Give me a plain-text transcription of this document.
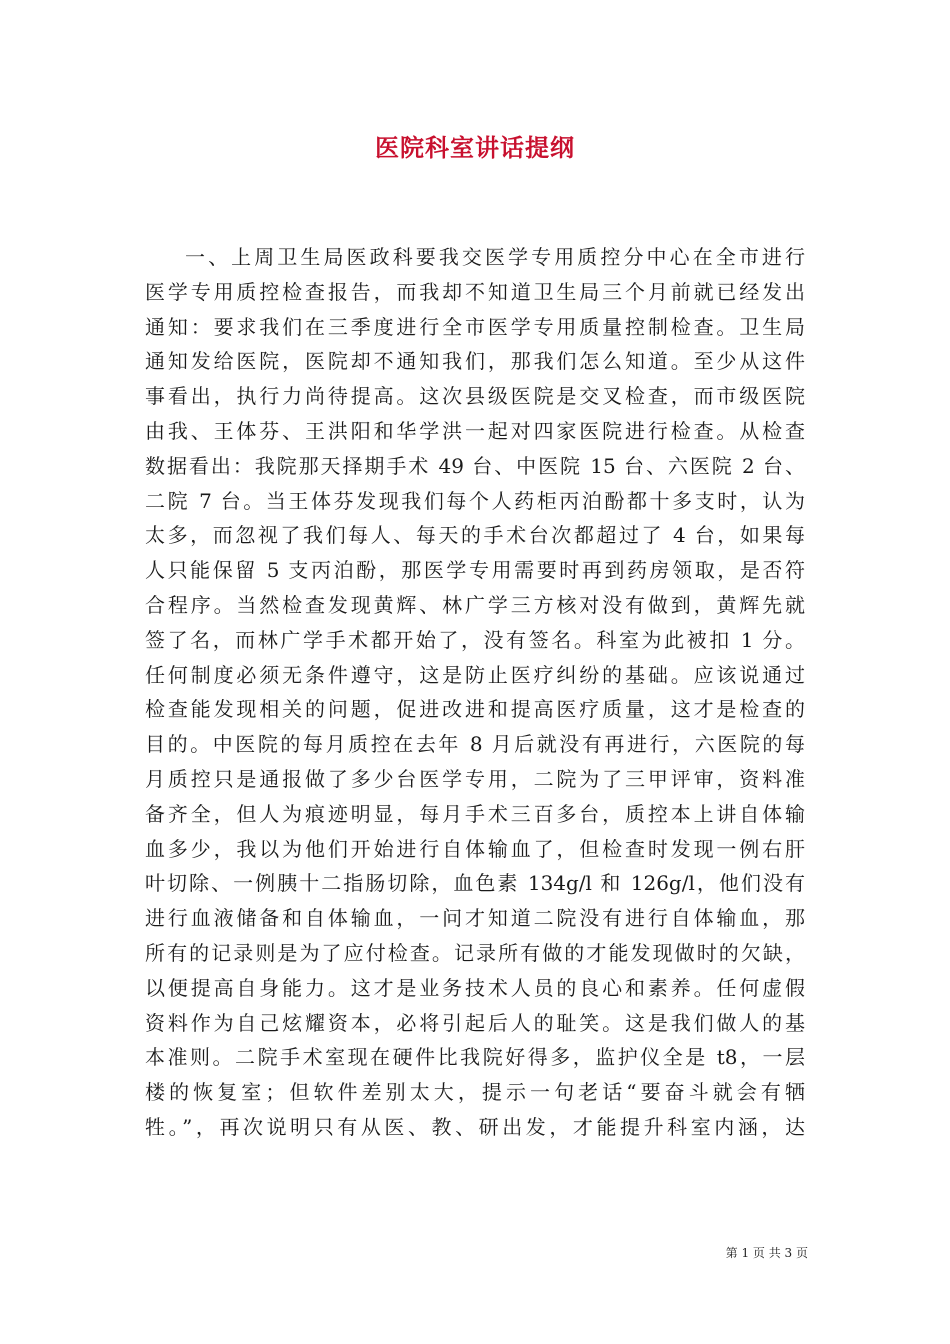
医院科室讲话提纲
一、上周卫生局医政科要我交医学专用质控分中心在全市进行
医学专用质控检查报告，而我却不知道卫生局三个月前就已经发出
通知：要求我们在三季度进行全市医学专用质量控制检查。卫生局
通知发给医院，医院却不通知我们，那我们怎么知道。至少从这件
事看出，执行力尚待提高。这次县级医院是交叉检查，而市级医院
由我、王体芬、王洪阳和华学洪一起对四家医院进行检查。从检查
数据看出：我院那天择期手术 49 台、中医院 15 台、六医院 2 台、
二院 7 台。当王体芬发现我们每个人药柜丙泊酚都十多支时，认为
太多，而忽视了我们每人、每天的手术台次都超过了 4 台，如果每
人只能保留 5 支丙泊酚，那医学专用需要时再到药房领取，是否符
合程序。当然检查发现黄辉、林广学三方核对没有做到，黄辉先就
签了名，而林广学手术都开始了，没有签名。科室为此被扣 1 分。
任何制度必须无条件遵守，这是防止医疗纠纷的基础。应该说通过
检查能发现相关的问题，促进改进和提高医疗质量，这才是检查的
目的。中医院的每月质控在去年 8 月后就没有再进行，六医院的每
月质控只是通报做了多少台医学专用，二院为了三甲评审，资料准
备齐全，但人为痕迹明显，每月手术三百多台，质控本上讲自体输
血多少，我以为他们开始进行自体输血了，但检查时发现一例右肝
叶切除、一例胰十二指肠切除，血色素 134g/l 和 126g/l，他们没有
进行血液储备和自体输血，一问才知道二院没有进行自体输血，那
所有的记录则是为了应付检查。记录所有做的才能发现做时的欠缺，
以便提高自身能力。这才是业务技术人员的良心和素养。任何虚假
资料作为自己炫耀资本，必将引起后人的耻笑。这是我们做人的基
本准则。二院手术室现在硬件比我院好得多，监护仪全是 t8，一层
楼的恢复室；但软件差别太大，提示一句老话“要奋斗就会有牺
牲。”，再次说明只有从医、教、研出发，才能提升科室内涵，达
第 1 页 共 3 页
